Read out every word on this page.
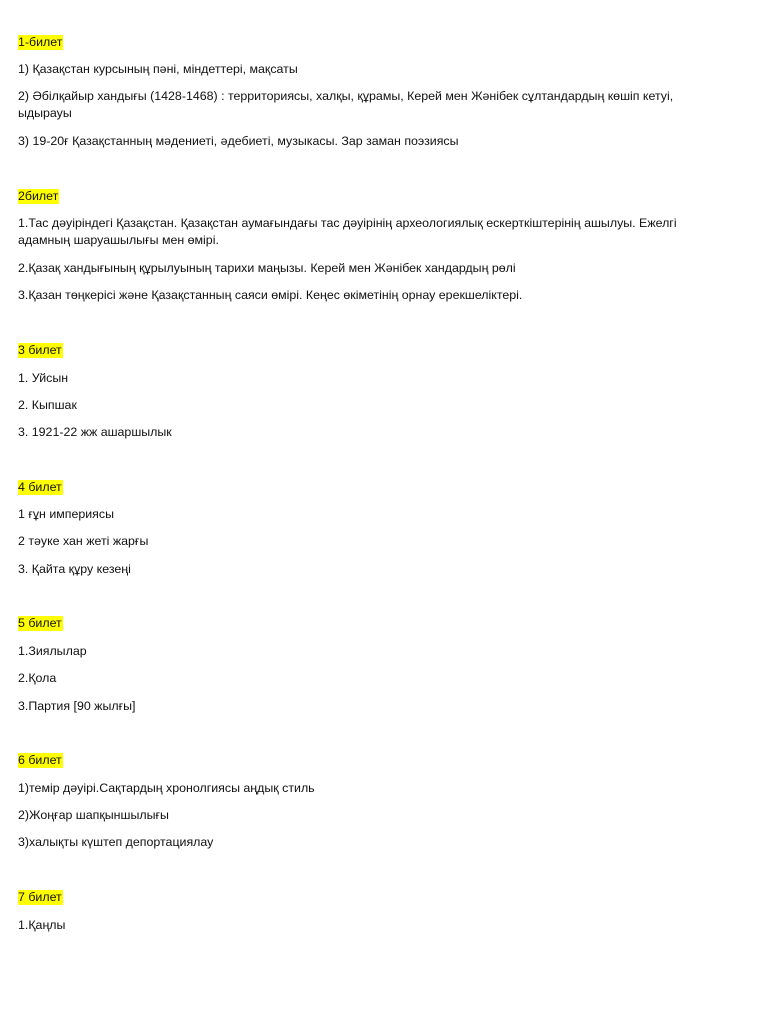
1-билет

1) Қазақстан курсының пәні, міндеттері, мақсаты

2) Әбілқайыр хандығы (1428-1468) : территориясы, халқы, құрамы, Керей мен Жәнібек сұлтандардың көшіп кетуі, ыдырауы

3) 19-20ғ Қазақстанның мәдениеті, әдебиеті, музыкасы. Зар заман поэзиясы

2билет

1.Тас дәуіріндегі Қазақстан. Қазақстан аумағындағы тас дәуірінің археологиялық ескерткіштерінің ашылуы. Ежелгі адамның шаруашылығы мен өмірі.

2.Қазақ хандығының құрылуының тарихи маңызы. Керей мен Жәнібек хандардың рөлі

3.Қазан төңкерісі және Қазақстанның саяси өмірі. Кеңес өкіметінің орнау ерекшеліктері.

3 билет

1. Уйсын

2. Кыпшак

3. 1921-22 жж ашаршылык

4 билет

1 ғұн империясы

2 тәуке хан жеті жарғы

3. Қайта құру кезеңі

5 билет

1.Зиялылар

2.Қола

3.Партия [90 жылғы]

6 билет

1)темір дәуірі.Сақтардың хронолгиясы аңдық стиль

2)Жоңғар шапқыншылығы

3)халықты күштеп депортациялау

7 билет

1.Қаңлы
